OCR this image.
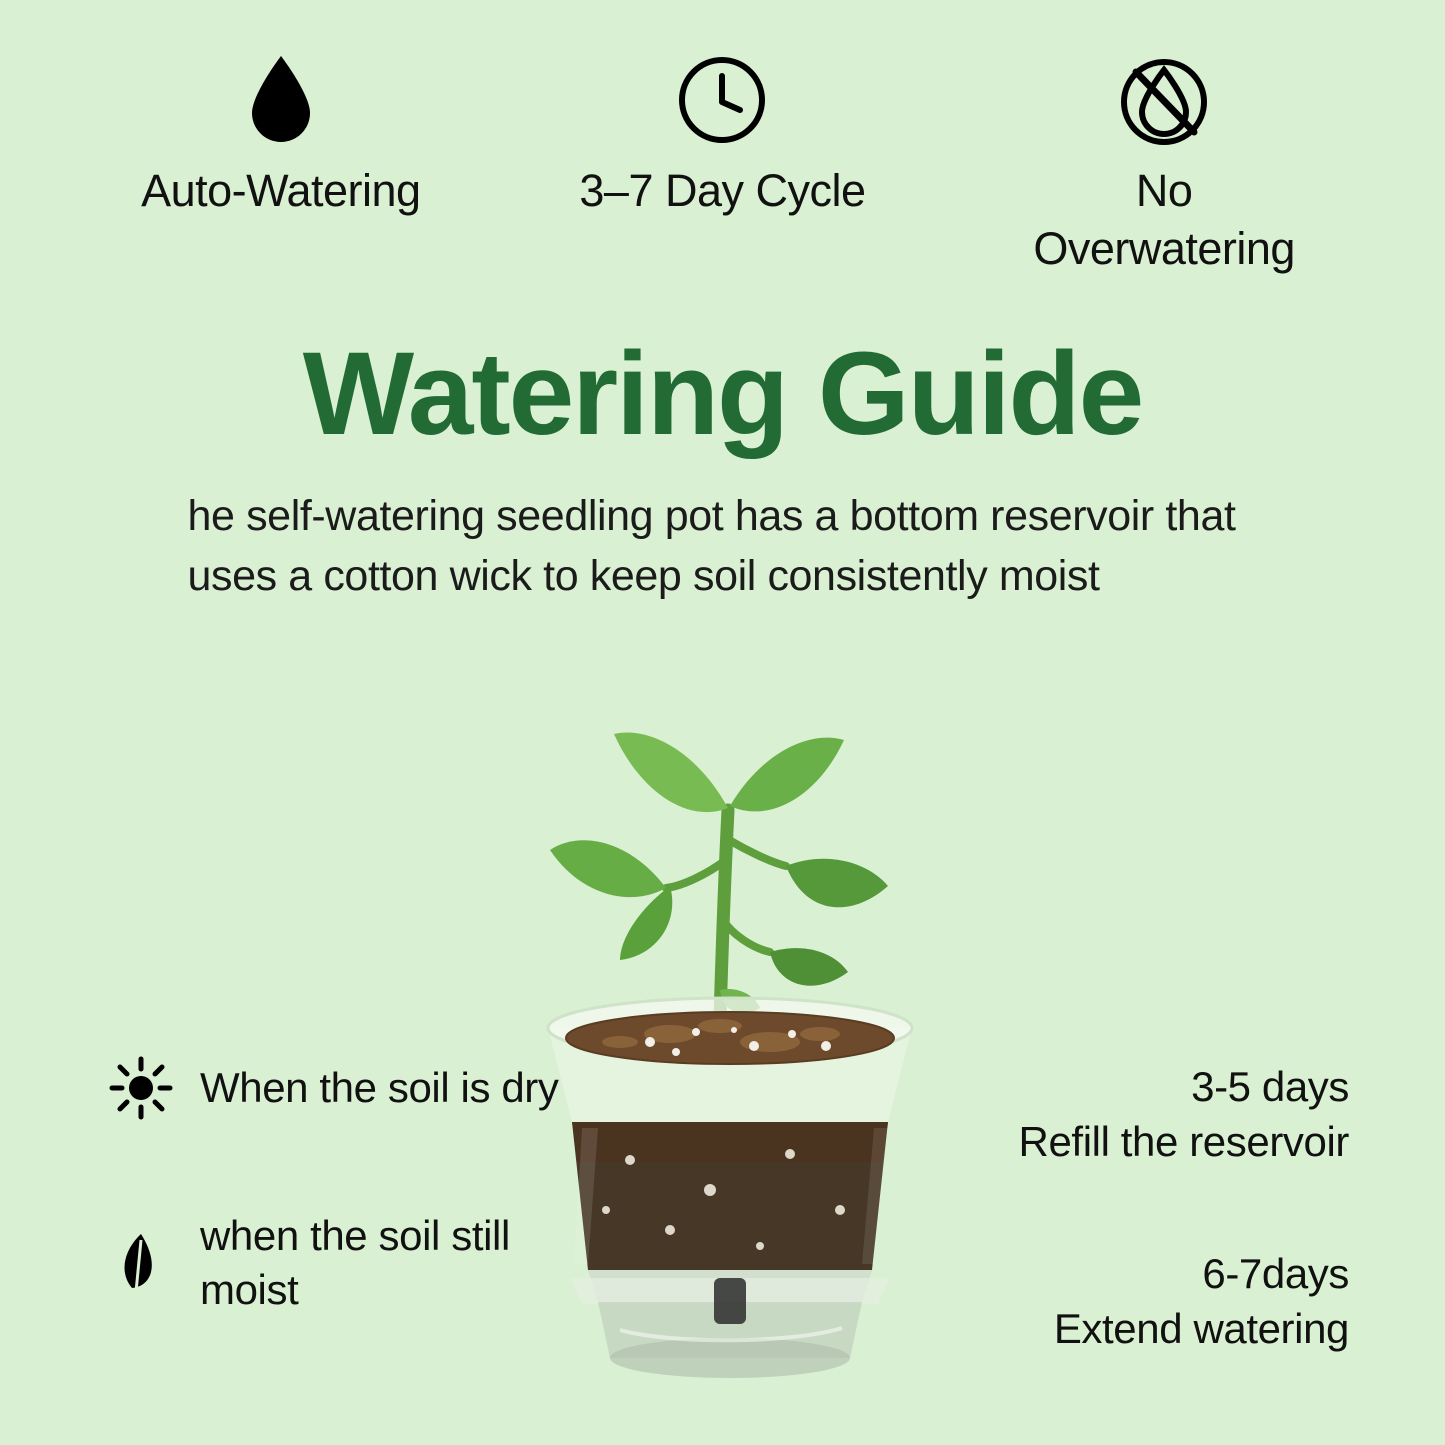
Auto-Watering	3–7 Day Cycle	No Overwatering
Watering Guide
he self-watering seedling pot has a bottom reservoir that uses a cotton wick to keep soil consistently moist
When the soil is dry
when the soil still moist
3-5 days
Refill the reservoir
6-7days
Extend watering
